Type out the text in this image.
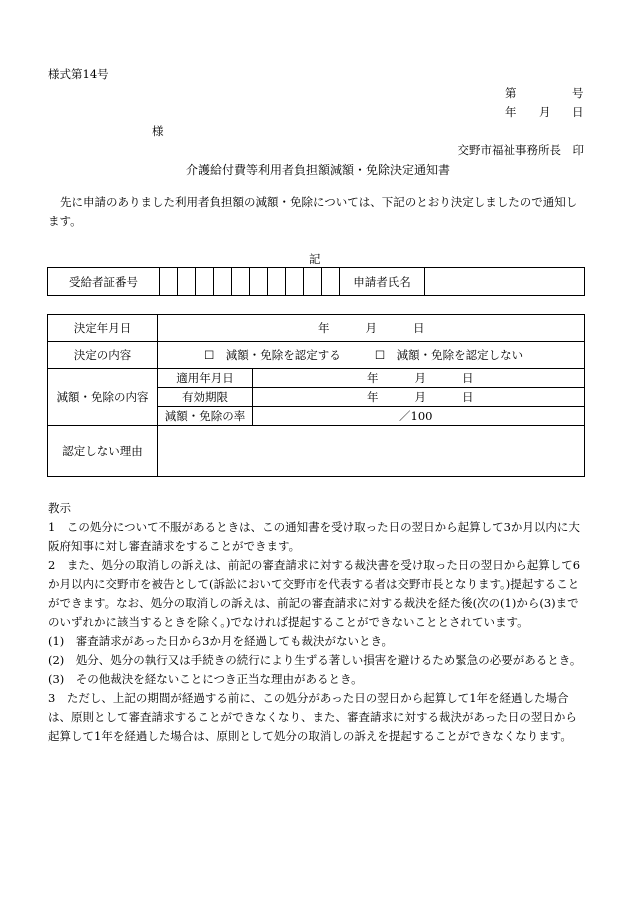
様式第14号
第	号
年 月 日
様
交野市福祉事務所長　印
介護給付費等利用者負担額減額・免除決定通知書

先に申請のありました利用者負担額の減額・免除については、下記のとおり決定しましたので通知します。

記
受給者証番号											申請者氏名	
決定年月日	年 月 日	
決定の内容	☐　減額・免除を認定する ☐　減額・免除を認定しない	
減額・免除の内容	適用年月日	年 月 日
	有効期限	年 月 日
	減額・免除の率	／100
認定しない理由		

教示

1　この処分について不服があるときは、この通知書を受け取った日の翌日から起算して3か月以内に大阪府知事に対し審査請求をすることができます。

2　また、処分の取消しの訴えは、前記の審査請求に対する裁決書を受け取った日の翌日から起算して6か月以内に交野市を被告として(訴訟において交野市を代表する者は交野市長となります。)提起することができます。なお、処分の取消しの訴えは、前記の審査請求に対する裁決を経た後(次の(1)から(3)までのいずれかに該当するときを除く。)でなければ提起することができないこととされています。

(1)　審査請求があった日から3か月を経過しても裁決がないとき。

(2)　処分、処分の執行又は手続きの続行により生ずる著しい損害を避けるため緊急の必要があるとき。

(3)　その他裁決を経ないことにつき正当な理由があるとき。

3　ただし、上記の期間が経過する前に、この処分があった日の翌日から起算して1年を経過した場合は、原則として審査請求することができなくなり、また、審査請求に対する裁決があった日の翌日から起算して1年を経過した場合は、原則として処分の取消しの訴えを提起することができなくなります。
